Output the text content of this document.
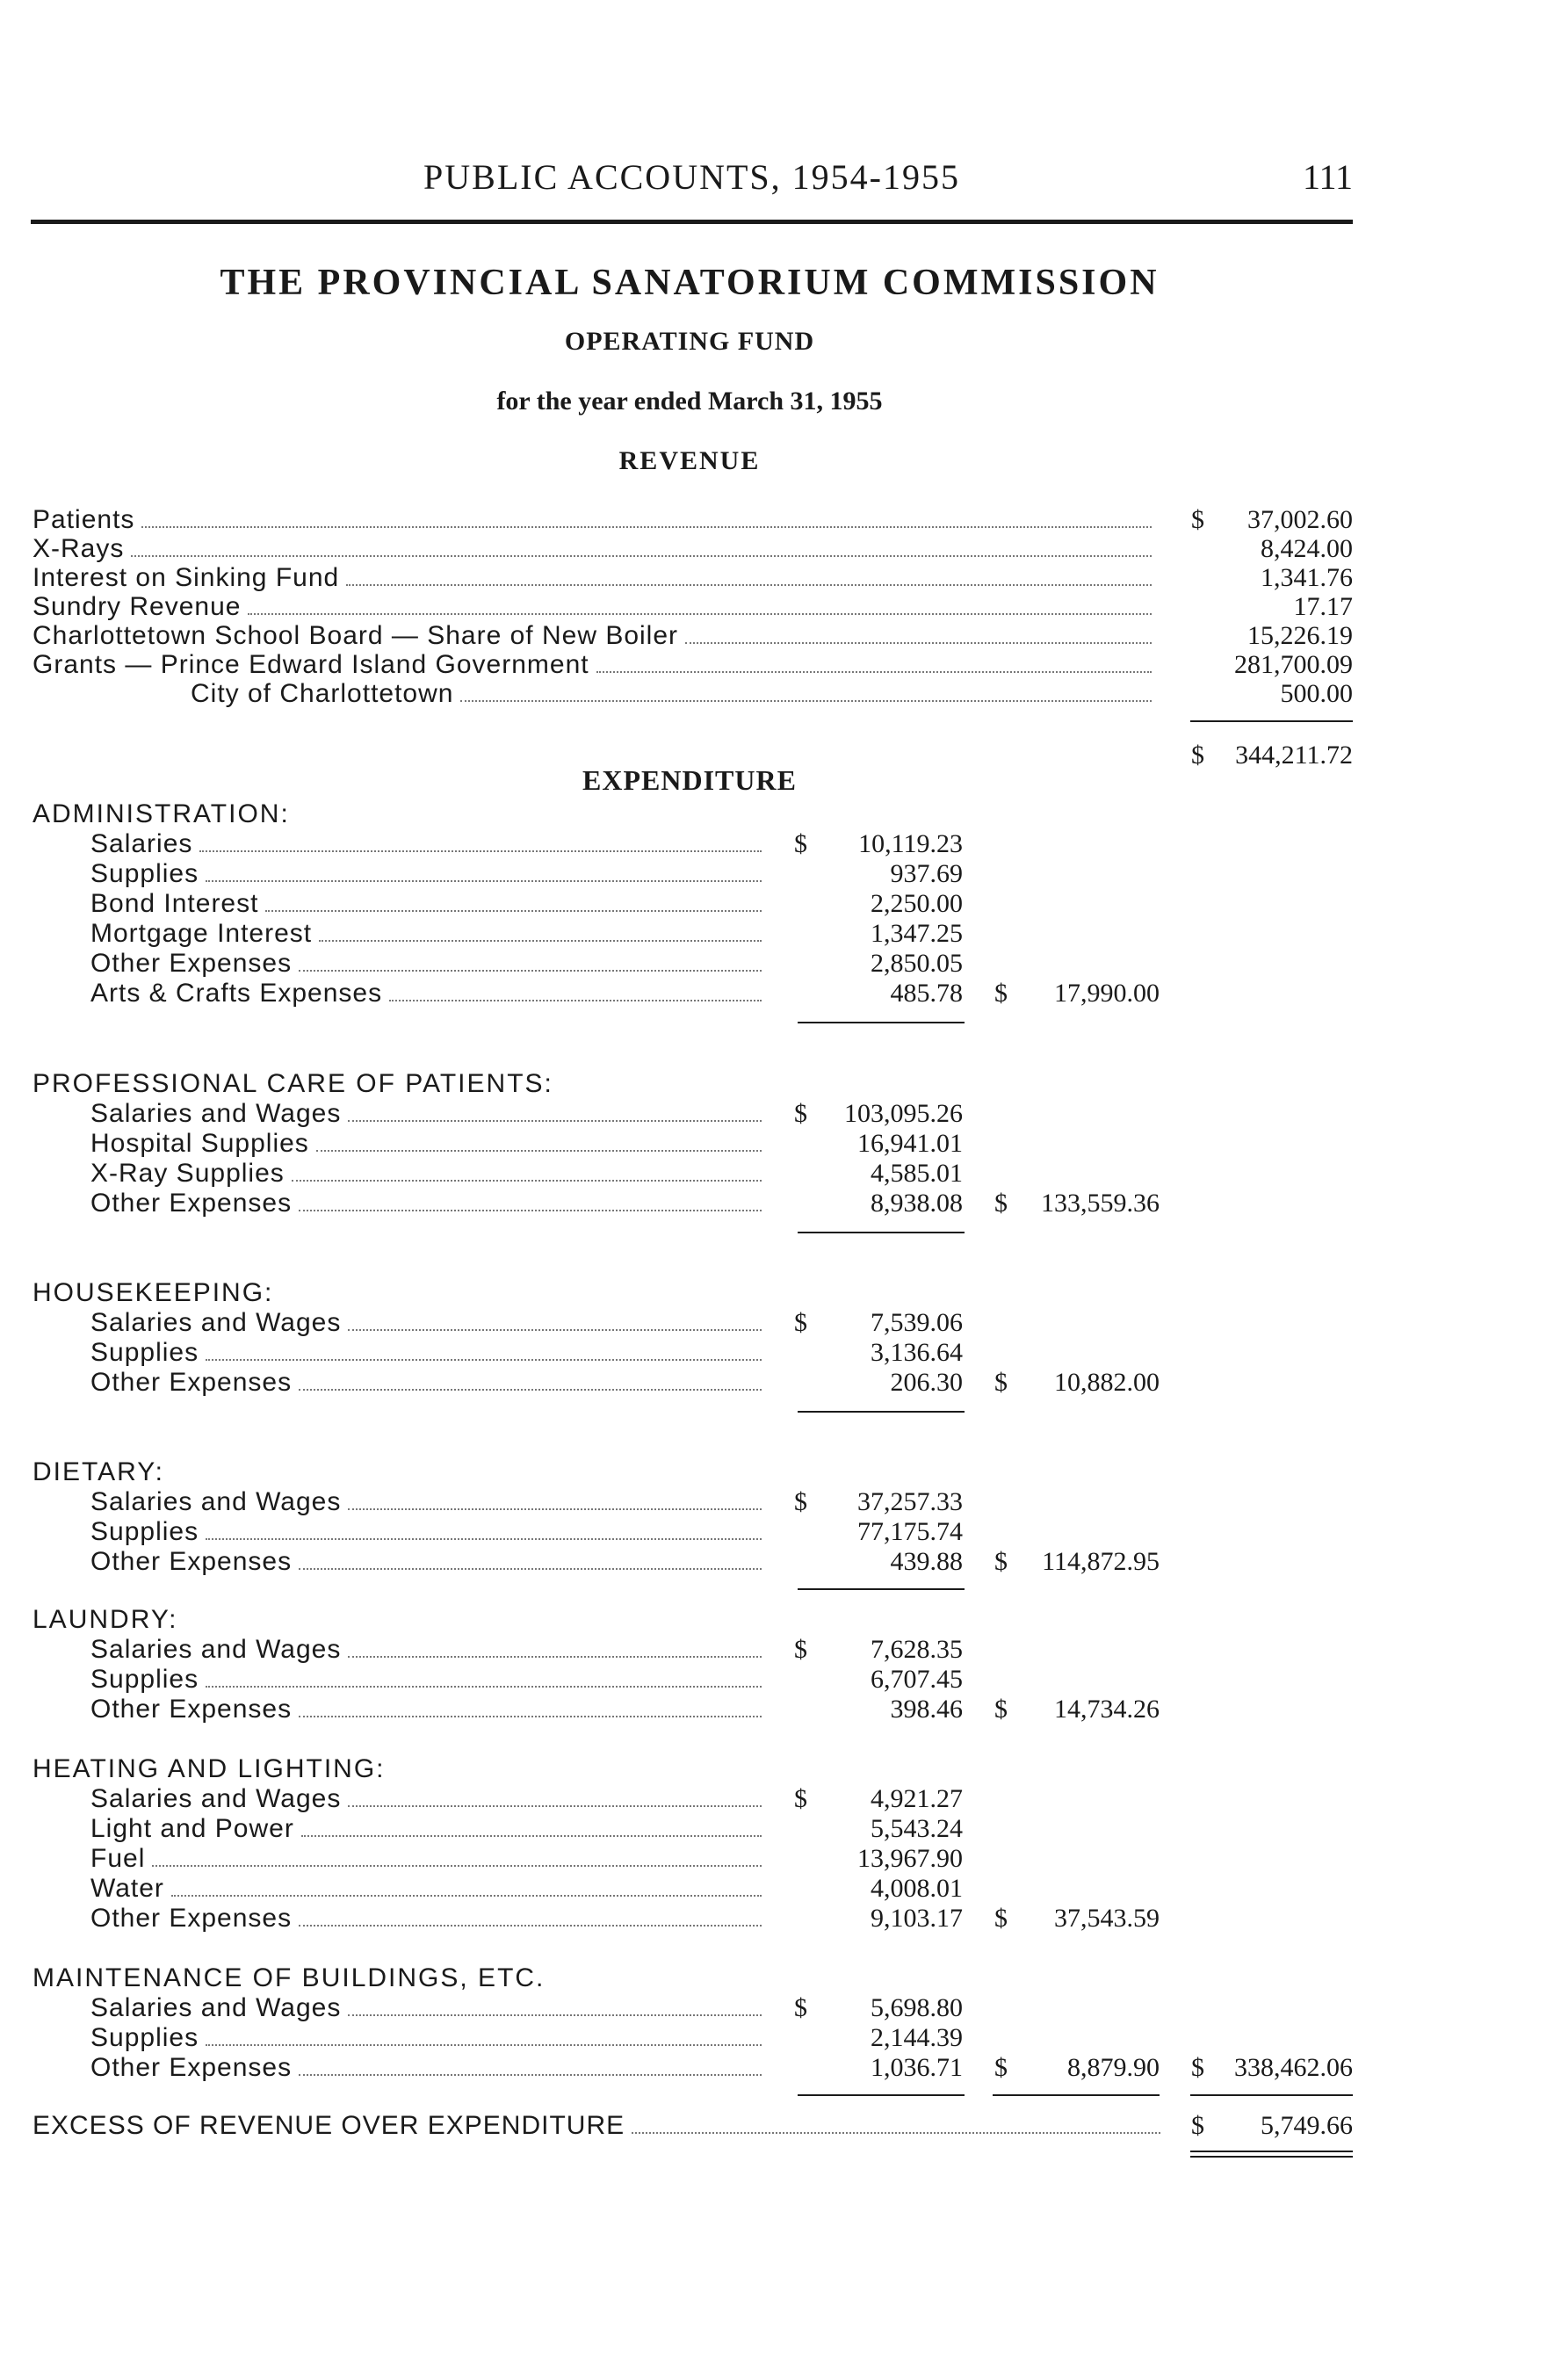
PUBLIC ACCOUNTS, 1954-1955	111
THE PROVINCIAL SANATORIUM COMMISSION
OPERATING FUND
for the year ended March 31, 1955
REVENUE
Patients	$	37,002.60
X-Rays	8,424.00
Interest on Sinking Fund	1,341.76
Sundry Revenue	17.17
Charlottetown School Board — Share of New Boiler	15,226.19
Grants — Prince Edward Island Government	281,700.09
City of Charlottetown	500.00
$	344,211.72
EXPENDITURE
ADMINISTRATION:
Salaries	$	10,119.23
Supplies	937.69
Bond Interest	2,250.00
Mortgage Interest	1,347.25
Other Expenses	2,850.05
Arts & Crafts Expenses	485.78 $	17,990.00
PROFESSIONAL CARE OF PATIENTS:
Salaries and Wages	$	103,095.26
Hospital Supplies	16,941.01
X-Ray Supplies	4,585.01
Other Expenses	8,938.08 $	133,559.36
HOUSEKEEPING:
Salaries and Wages	$	7,539.06
Supplies	3,136.64
Other Expenses	206.30 $	10,882.00
DIETARY:
Salaries and Wages	$	37,257.33
Supplies	77,175.74
Other Expenses	439.88 $	114,872.95
LAUNDRY:
Salaries and Wages	$	7,628.35
Supplies	6,707.45
Other Expenses	398.46 $	14,734.26
HEATING AND LIGHTING:
Salaries and Wages	$	4,921.27
Light and Power	5,543.24
Fuel	13,967.90
Water	4,008.01
Other Expenses	9,103.17 $	37,543.59
MAINTENANCE OF BUILDINGS, ETC.
Salaries and Wages	$	5,698.80
Supplies	2,144.39
Other Expenses	1,036.71 $	8,879.90 $	338,462.06
EXCESS OF REVENUE OVER EXPENDITURE	$	5,749.66
